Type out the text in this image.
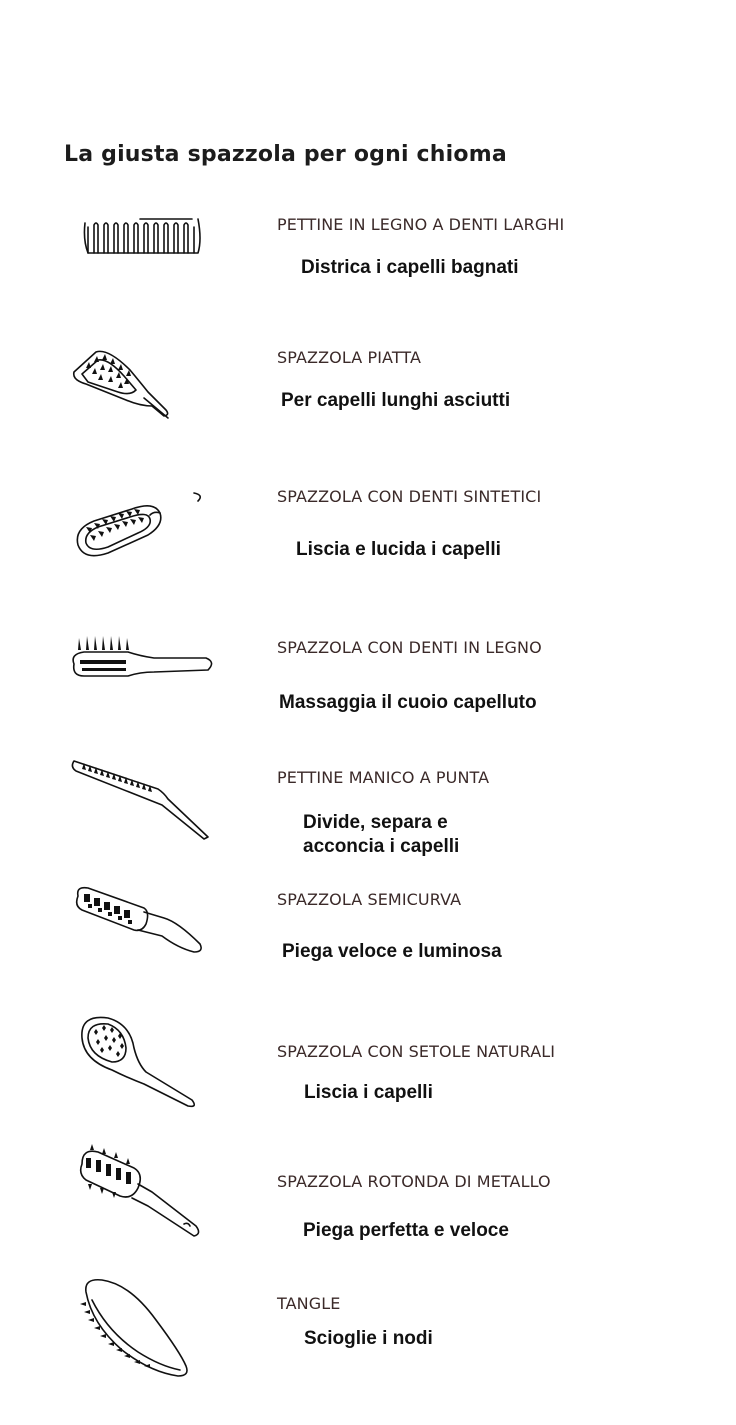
La giusta spazzola per ogni chioma
PETTINE IN LEGNO A DENTI LARGHI
Districa i capelli bagnati
SPAZZOLA PIATTA
Per capelli lunghi asciutti
SPAZZOLA CON DENTI SINTETICI
Liscia e lucida i capelli
SPAZZOLA CON DENTI IN LEGNO
Massaggia il cuoio capelluto
PETTINE MANICO A PUNTA
Divide, separa e
acconcia i capelli
SPAZZOLA SEMICURVA
Piega veloce e luminosa
SPAZZOLA CON SETOLE NATURALI
Liscia i capelli
SPAZZOLA ROTONDA DI METALLO
Piega perfetta e veloce
TANGLE
Scioglie i nodi
